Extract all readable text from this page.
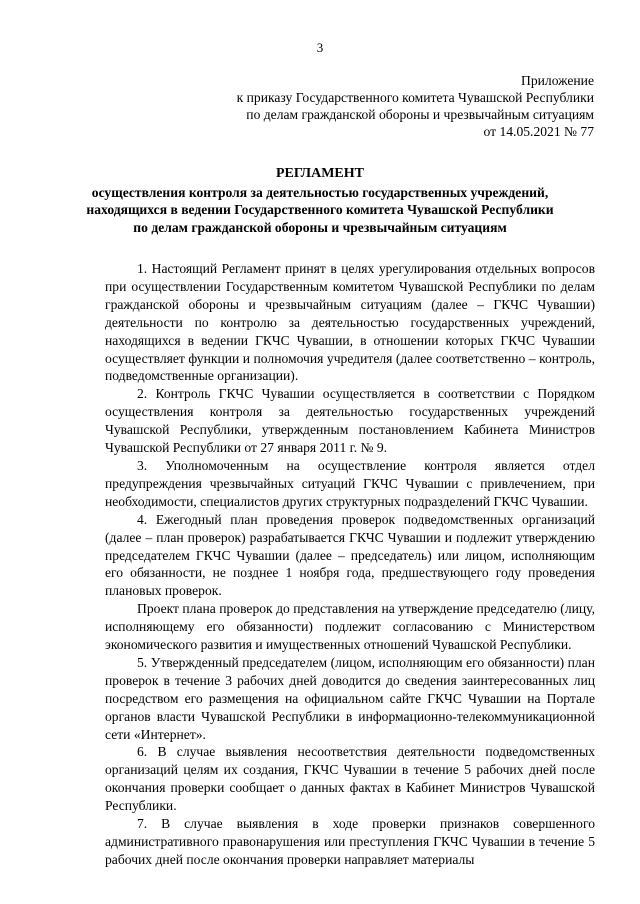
3
Приложение
к приказу Государственного комитета Чувашской Республики
по делам гражданской обороны и чрезвычайным ситуациям
от 14.05.2021 № 77
РЕГЛАМЕНТ
осуществления контроля за деятельностью государственных учреждений,
находящихся в ведении Государственного комитета Чувашской Республики
по делам гражданской обороны и чрезвычайным ситуациям

1. Настоящий Регламент принят в целях урегулирования отдельных вопросов при осуществлении Государственным комитетом Чувашской Республики по делам гражданской обороны и чрезвычайным ситуациям (далее – ГКЧС Чувашии) деятельности по контролю за деятельностью государственных учреждений, находящихся в ведении ГКЧС Чувашии, в отношении которых ГКЧС Чувашии осуществляет функции и полномочия учредителя (далее соответственно – контроль, подведомственные организации).

2. Контроль ГКЧС Чувашии осуществляется в соответствии с Порядком осуществления контроля за деятельностью государственных учреждений Чувашской Республики, утвержденным постановлением Кабинета Министров Чувашской Республики от 27 января 2011 г. № 9.

3. Уполномоченным на осуществление контроля является отдел предупреждения чрезвычайных ситуаций ГКЧС Чувашии с привлечением, при необходимости, специалистов других структурных подразделений ГКЧС Чувашии.

4. Ежегодный план проведения проверок подведомственных организаций (далее – план проверок) разрабатывается ГКЧС Чувашии и подлежит утверждению председателем ГКЧС Чувашии (далее – председатель) или лицом, исполняющим его обязанности, не позднее 1 ноября года, предшествующего году проведения плановых проверок.

Проект плана проверок до представления на утверждение председателю (лицу, исполняющему его обязанности) подлежит согласованию с Министерством экономического развития и имущественных отношений Чувашской Республики.

5. Утвержденный председателем (лицом, исполняющим его обязанности) план проверок в течение 3 рабочих дней доводится до сведения заинтересованных лиц посредством его размещения на официальном сайте ГКЧС Чувашии на Портале органов власти Чувашской Республики в информационно-телекоммуникационной сети «Интернет».

6. В случае выявления несоответствия деятельности подведомственных организаций целям их создания, ГКЧС Чувашии в течение 5 рабочих дней после окончания проверки сообщает о данных фактах в Кабинет Министров Чувашской Республики.

7. В случае выявления в ходе проверки признаков совершенного административного правонарушения или преступления ГКЧС Чувашии в течение 5 рабочих дней после окончания проверки направляет материалы
